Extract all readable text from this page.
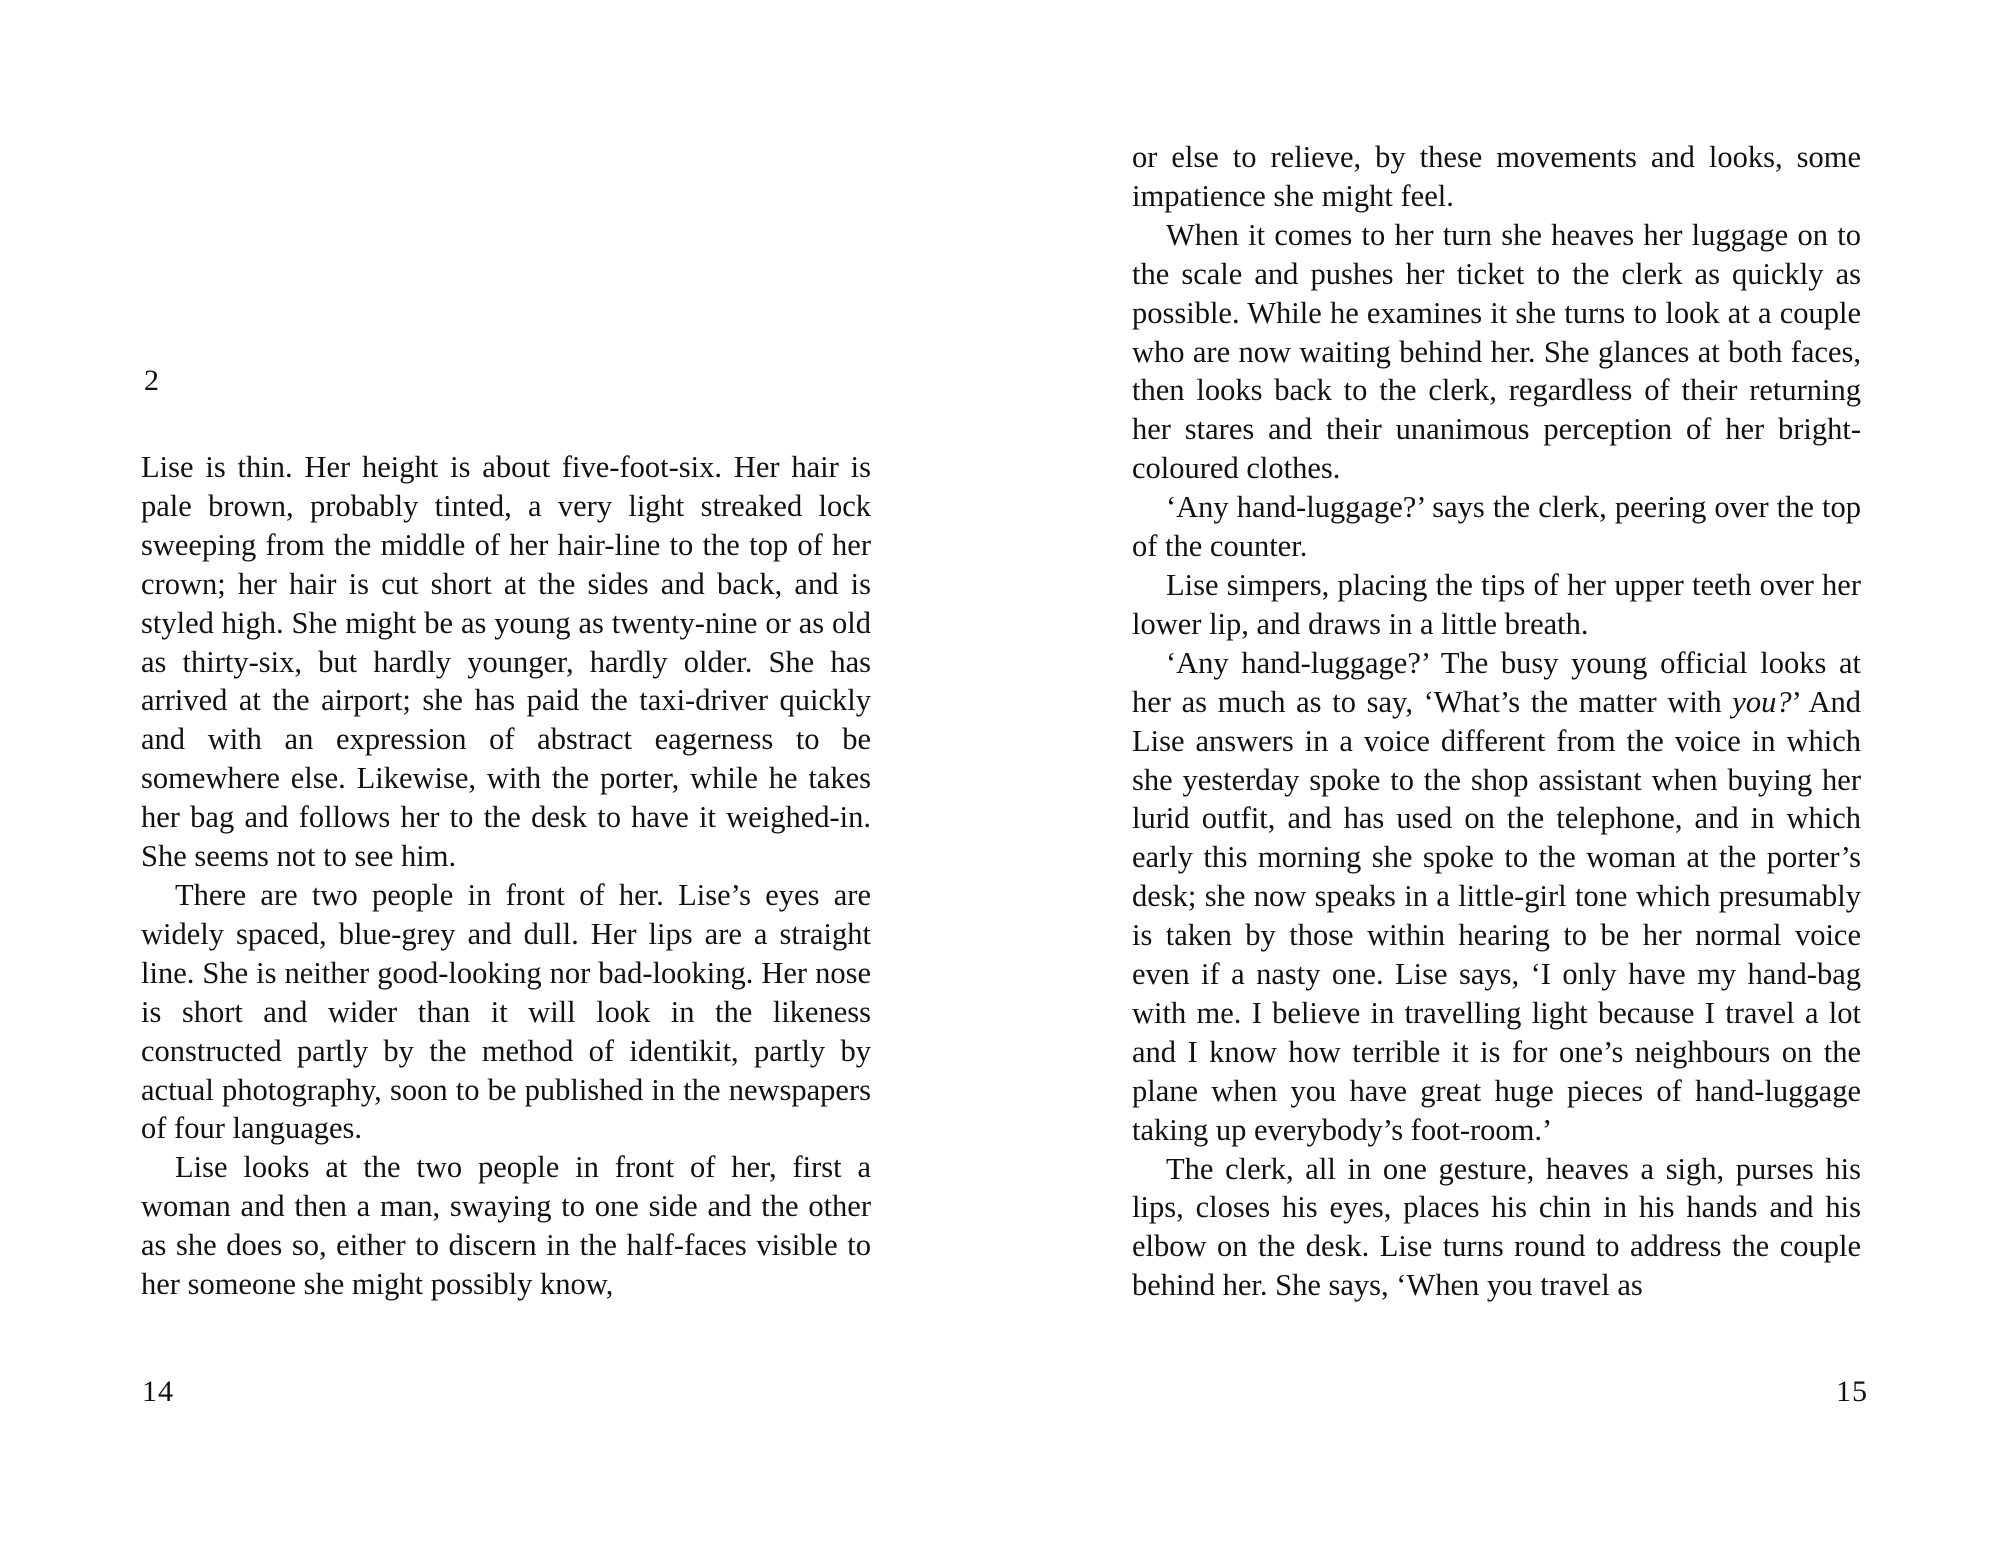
2

Lise is thin. Her height is about five-foot-six. Her hair is pale brown, probably tinted, a very light streaked lock sweeping from the middle of her hair-line to the top of her crown; her hair is cut short at the sides and back, and is styled high. She might be as young as twenty-nine or as old as thirty-six, but hardly younger, hardly older. She has arrived at the airport; she has paid the taxi-driver quickly and with an expression of abstract eagerness to be somewhere else. Likewise, with the porter, while he takes her bag and follows her to the desk to have it weighed-in. She seems not to see him.

There are two people in front of her. Lise’s eyes are widely spaced, blue-grey and dull. Her lips are a straight line. She is neither good-looking nor bad-looking. Her nose is short and wider than it will look in the likeness constructed partly by the method of identikit, partly by actual photography, soon to be published in the newspapers of four languages.

Lise looks at the two people in front of her, first a woman and then a man, swaying to one side and the other as she does so, either to discern in the half-faces visible to her someone she might possibly know,

14

or else to relieve, by these movements and looks, some impatience she might feel.

When it comes to her turn she heaves her luggage on to the scale and pushes her ticket to the clerk as quickly as possible. While he examines it she turns to look at a couple who are now waiting behind her. She glances at both faces, then looks back to the clerk, regardless of their returning her stares and their unanimous perception of her bright-coloured clothes.

‘Any hand-luggage?’ says the clerk, peering over the top of the counter.

Lise simpers, placing the tips of her upper teeth over her lower lip, and draws in a little breath.

‘Any hand-luggage?’ The busy young official looks at her as much as to say, ‘What’s the matter with you?’ And Lise answers in a voice different from the voice in which she yesterday spoke to the shop assistant when buying her lurid outfit, and has used on the telephone, and in which early this morning she spoke to the woman at the porter’s desk; she now speaks in a little-girl tone which presumably is taken by those within hearing to be her normal voice even if a nasty one. Lise says, ‘I only have my hand-bag with me. I believe in travelling light because I travel a lot and I know how terrible it is for one’s neighbours on the plane when you have great huge pieces of hand-luggage taking up everybody’s foot-room.’

The clerk, all in one gesture, heaves a sigh, purses his lips, closes his eyes, places his chin in his hands and his elbow on the desk. Lise turns round to address the couple behind her. She says, ‘When you travel as

15
